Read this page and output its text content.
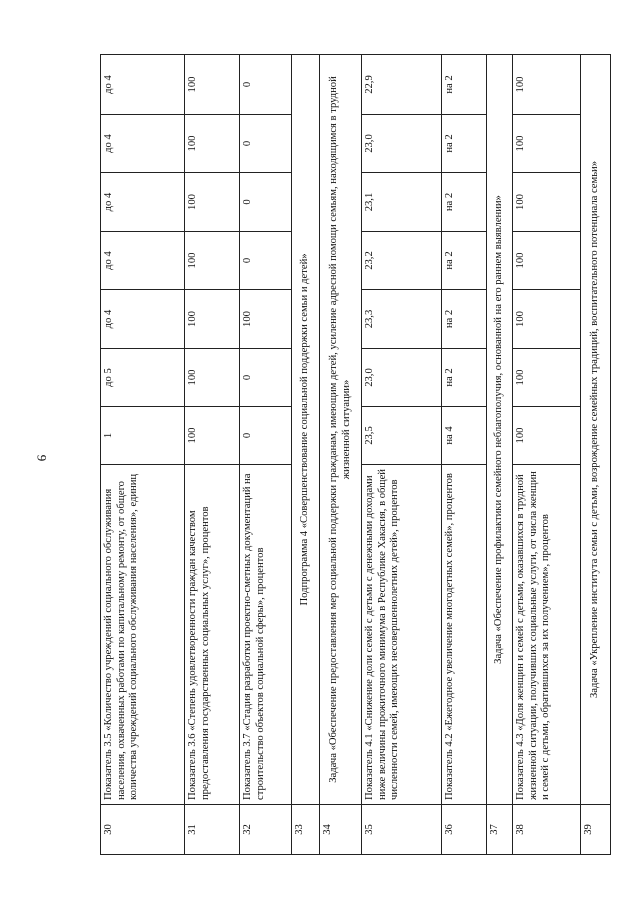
9
30	Показатель 3.5 «Количество учреждений социального обслуживания населения, охваченных работами по капитальному ремонту, от общего количества учреждений социального обслуживания населения», единиц	1	до 5	до 4	до 4	до 4	до 4	до 4
31	Показатель 3.6 «Степень удовлетворенности граждан качеством предоставления государственных социальных услуг», процентов	100	100	100	100	100	100	100
32	Показатель 3.7 «Стадия разработки проектно-сметных документаций на строительство объектов социальной сферы», процентов	0	0	100	0	0	0	0
33	Подпрограмма 4 «Совершенствование социальной поддержки семьи и детей»							
34	Задача «Обеспечение предоставления мер социальной поддержки гражданам, имеющим детей, усиление адресной помощи семьям, находящимся в трудной жизненной ситуации»							
35	Показатель 4.1 «Снижение доли семей с детьми с денежными доходами ниже величины прожиточного минимума в Республике Хакасия, в общей численности семей, имеющих несовершеннолетних детей», процентов	23,5	23,0	23,3	23,2	23,1	23,0	22,9
36	Показатель 4.2 «Ежегодное увеличение многодетных семей», процентов	на 4	на 2	на 2	на 2	на 2	на 2	на 2
37	Задача «Обеспечение профилактики семейного неблагополучия, основанной на его раннем выявлении»							
38	Показатель 4.3 «Доля женщин и семей с детьми, оказавшихся в трудной жизненной ситуации, получивших социальные услуги, от числа женщин и семей с детьми, обратившихся за их получением», процентов	100	100	100	100	100	100	100
39	Задача «Укрепление института семьи с детьми, возрождение семейных традиций, воспитательного потенциала семьи»							
